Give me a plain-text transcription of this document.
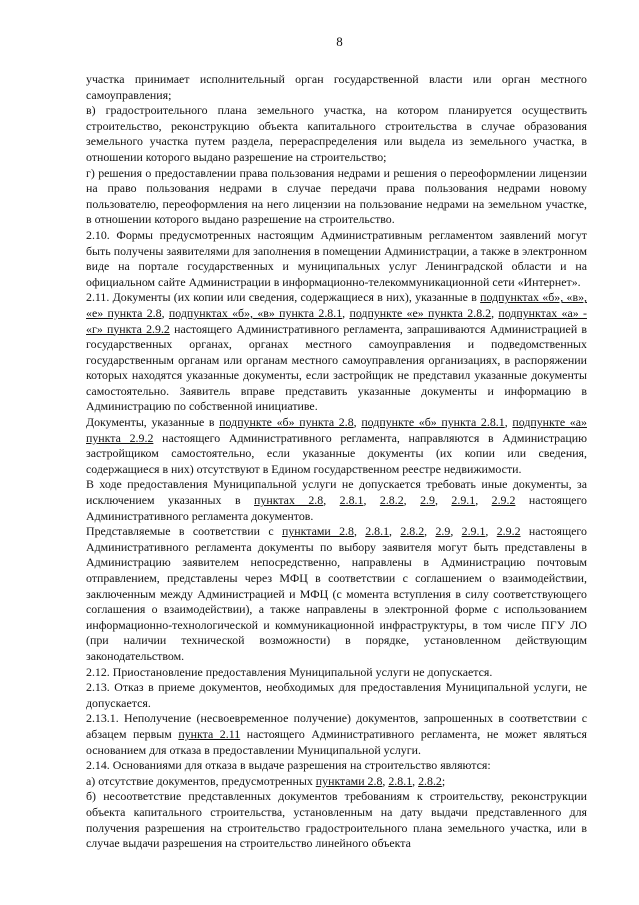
8

участка принимает исполнительный орган государственной власти или орган местного самоуправления;

в) градостроительного плана земельного участка, на котором планируется осуществить строительство, реконструкцию объекта капитального строительства в случае образования земельного участка путем раздела, перераспределения или выдела из земельного участка, в отношении которого выдано разрешение на строительство;

г) решения о предоставлении права пользования недрами и решения о переоформлении лицензии на право пользования недрами в случае передачи права пользования недрами новому пользователю, переоформления на него лицензии на пользование недрами на земельном участке, в отношении которого выдано разрешение на строительство.

2.10. Формы предусмотренных настоящим Административным регламентом заявлений могут быть получены заявителями для заполнения в помещении Администрации, а также в электронном виде на портале государственных и муниципальных услуг Ленинградской области и на официальном сайте Администрации в информационно-телекоммуникационной сети «Интернет».

2.11. Документы (их копии или сведения, содержащиеся в них), указанные в подпунктах «б», «в», «е» пункта 2.8, подпунктах «б», «в» пункта 2.8.1, подпункте «е» пункта 2.8.2, подпунктах «а» - «г» пункта 2.9.2 настоящего Административного регламента, запрашиваются Администрацией в государственных органах, органах местного самоуправления и подведомственных государственным органам или органам местного самоуправления организациях, в распоряжении которых находятся указанные документы, если застройщик не представил указанные документы самостоятельно. Заявитель вправе представить указанные документы и информацию в Администрацию по собственной инициативе.

Документы, указанные в подпункте «б» пункта 2.8, подпункте «б» пункта 2.8.1, подпункте «а» пункта 2.9.2 настоящего Административного регламента, направляются в Администрацию застройщиком самостоятельно, если указанные документы (их копии или сведения, содержащиеся в них) отсутствуют в Едином государственном реестре недвижимости.

В ходе предоставления Муниципальной услуги не допускается требовать иные документы, за исключением указанных в пунктах 2.8, 2.8.1, 2.8.2, 2.9, 2.9.1, 2.9.2 настоящего Административного регламента документов.

Представляемые в соответствии с пунктами 2.8, 2.8.1, 2.8.2, 2.9, 2.9.1, 2.9.2 настоящего Административного регламента документы по выбору заявителя могут быть представлены в Администрацию заявителем непосредственно, направлены в Администрацию почтовым отправлением, представлены через МФЦ в соответствии с соглашением о взаимодействии, заключенным между Администрацией и МФЦ (с момента вступления в силу соответствующего соглашения о взаимодействии), а также направлены в электронной форме с использованием информационно-технологической и коммуникационной инфраструктуры, в том числе ПГУ ЛО (при наличии технической возможности) в порядке, установленном действующим законодательством.

2.12. Приостановление предоставления Муниципальной услуги не допускается.

2.13. Отказ в приеме документов, необходимых для предоставления Муниципальной услуги, не допускается.

2.13.1. Неполучение (несвоевременное получение) документов, запрошенных в соответствии с абзацем первым пункта 2.11 настоящего Административного регламента, не может являться основанием для отказа в предоставлении Муниципальной услуги.

2.14. Основаниями для отказа в выдаче разрешения на строительство являются:

а) отсутствие документов, предусмотренных пунктами 2.8, 2.8.1, 2.8.2;

б) несоответствие представленных документов требованиям к строительству, реконструкции объекта капитального строительства, установленным на дату выдачи представленного для получения разрешения на строительство градостроительного плана земельного участка, или в случае выдачи разрешения на строительство линейного объекта
